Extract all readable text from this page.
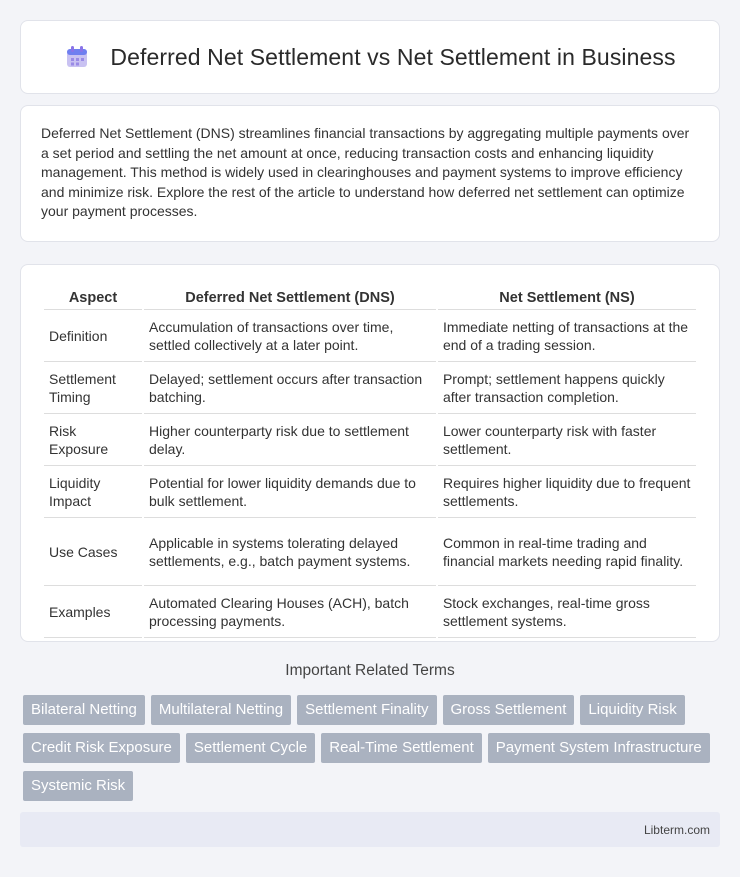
Deferred Net Settlement vs Net Settlement in Business

Deferred Net Settlement (DNS) streamlines financial transactions by aggregating multiple payments over a set period and settling the net amount at once, reducing transaction costs and enhancing liquidity management. This method is widely used in clearinghouses and payment systems to improve efficiency and minimize risk. Explore the rest of the article to understand how deferred net settlement can optimize your payment processes.

Aspect	Deferred Net Settlement (DNS)	Net Settlement (NS)
Definition	Accumulation of transactions over time, settled collectively at a later point.	Immediate netting of transactions at the end of a trading session.
Settlement Timing	Delayed; settlement occurs after transaction batching.	Prompt; settlement happens quickly after transaction completion.
Risk Exposure	Higher counterparty risk due to settlement delay.	Lower counterparty risk with faster settlement.
Liquidity Impact	Potential for lower liquidity demands due to bulk settlement.	Requires higher liquidity due to frequent settlements.
Use Cases	Applicable in systems tolerating delayed settlements, e.g., batch payment systems.	Common in real-time trading and financial markets needing rapid finality.
Examples	Automated Clearing Houses (ACH), batch processing payments.	Stock exchanges, real-time gross settlement systems.
Important Related Terms
Bilateral Netting	Multilateral Netting	Settlement Finality	Gross Settlement	Liquidity Risk
Credit Risk Exposure	Settlement Cycle	Real-Time Settlement	Payment System Infrastructure
Systemic Risk
Libterm.com
